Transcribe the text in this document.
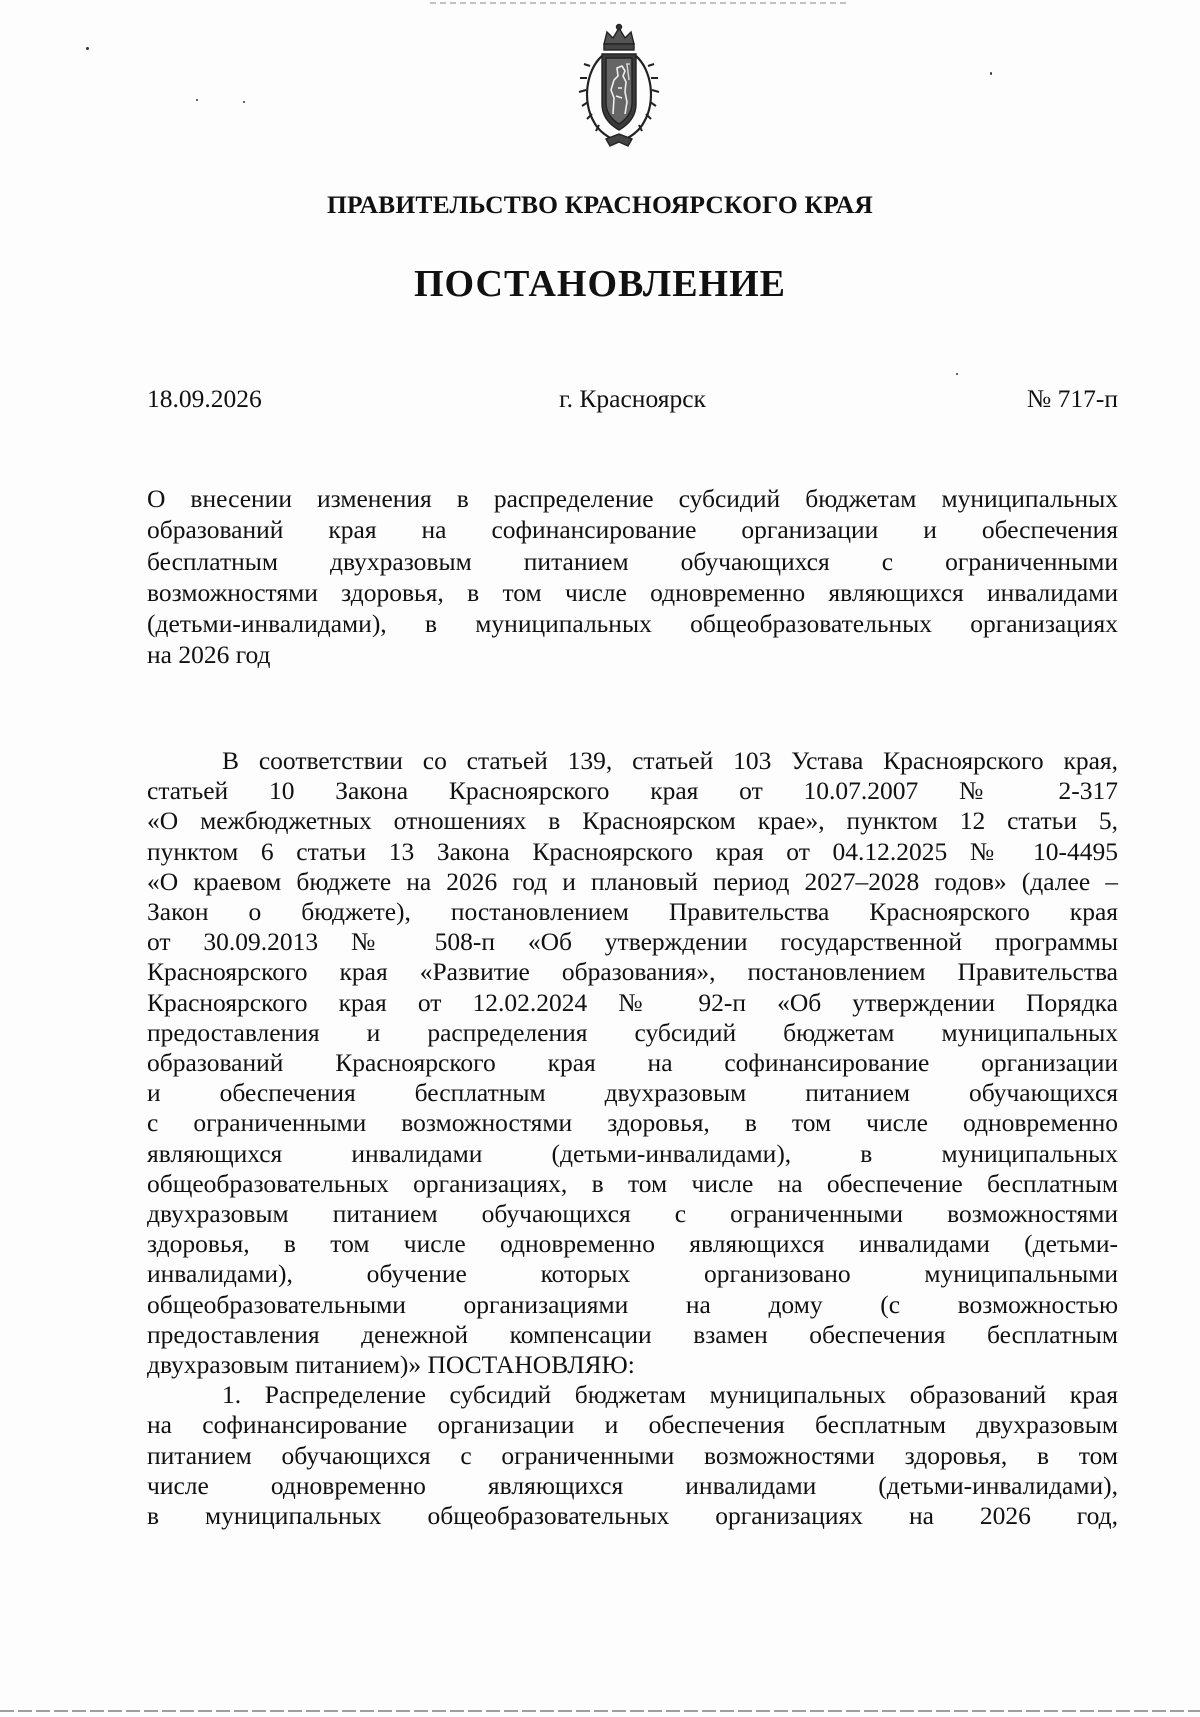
ПРАВИТЕЛЬСТВО КРАСНОЯРСКОГО КРАЯ
ПОСТАНОВЛЕНИЕ
18.09.2026	г. Красноярск	№ 717-п
О внесении изменения в распределение субсидий бюджетам муниципальных
образований края на софинансирование организации и обеспечения
бесплатным двухразовым питанием обучающихся с ограниченными
возможностями здоровья, в том числе одновременно являющихся инвалидами
(детьми-инвалидами), в муниципальных общеобразовательных организациях
на 2026 год
В соответствии со статьей 139, статьей 103 Устава Красноярского края,
статьей 10 Закона Красноярского края от 10.07.2007 № 2-317
«О межбюджетных отношениях в Красноярском крае», пунктом 12 статьи 5,
пунктом 6 статьи 13 Закона Красноярского края от 04.12.2025 № 10-4495
«О краевом бюджете на 2026 год и плановый период 2027–2028 годов» (далее –
Закон о бюджете), постановлением Правительства Красноярского края
от 30.09.2013 № 508-п «Об утверждении государственной программы
Красноярского края «Развитие образования», постановлением Правительства
Красноярского края от 12.02.2024 № 92-п «Об утверждении Порядка
предоставления и распределения субсидий бюджетам муниципальных
образований Красноярского края на софинансирование организации
и обеспечения бесплатным двухразовым питанием обучающихся
с ограниченными возможностями здоровья, в том числе одновременно
являющихся инвалидами (детьми-инвалидами), в муниципальных
общеобразовательных организациях, в том числе на обеспечение бесплатным
двухразовым питанием обучающихся с ограниченными возможностями
здоровья, в том числе одновременно являющихся инвалидами (детьми-
инвалидами), обучение которых организовано муниципальными
общеобразовательными организациями на дому (с возможностью
предоставления денежной компенсации взамен обеспечения бесплатным
двухразовым питанием)» ПОСТАНОВЛЯЮ:
1. Распределение субсидий бюджетам муниципальных образований края
на софинансирование организации и обеспечения бесплатным двухразовым
питанием обучающихся с ограниченными возможностями здоровья, в том
числе одновременно являющихся инвалидами (детьми-инвалидами),
в муниципальных общеобразовательных организациях на 2026 год,
